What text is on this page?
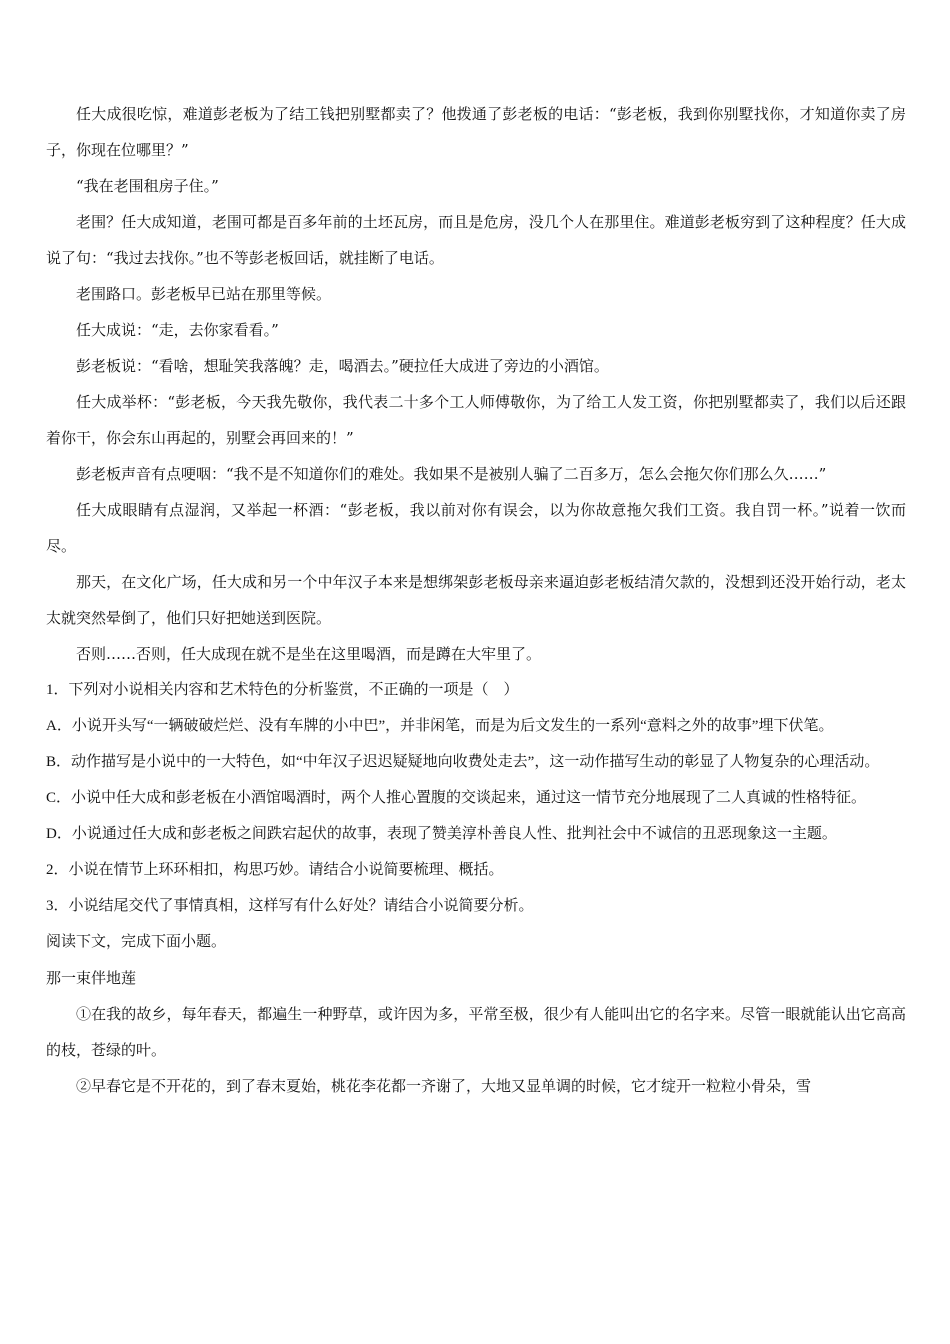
任大成很吃惊，难道彭老板为了结工钱把别墅都卖了？他拨通了彭老板的电话：“彭老板，我到你别墅找你，才知道你卖了房子，你现在位哪里？”

“我在老围租房子住。”

老围？任大成知道，老围可都是百多年前的土坯瓦房，而且是危房，没几个人在那里住。难道彭老板穷到了这种程度？任大成说了句：“我过去找你。”也不等彭老板回话，就挂断了电话。

老围路口。彭老板早已站在那里等候。

任大成说：“走，去你家看看。”

彭老板说：“看啥，想耻笑我落魄？走，喝酒去。”硬拉任大成进了旁边的小酒馆。

任大成举杯：“彭老板，今天我先敬你，我代表二十多个工人师傅敬你，为了给工人发工资，你把别墅都卖了，我们以后还跟着你干，你会东山再起的，别墅会再回来的！”

彭老板声音有点哽咽：“我不是不知道你们的难处。我如果不是被别人骗了二百多万，怎么会拖欠你们那么久……”

任大成眼睛有点湿润，又举起一杯酒：“彭老板，我以前对你有误会，以为你故意拖欠我们工资。我自罚一杯。”说着一饮而尽。

那天，在文化广场，任大成和另一个中年汉子本来是想绑架彭老板母亲来逼迫彭老板结清欠款的，没想到还没开始行动，老太太就突然晕倒了，他们只好把她送到医院。

否则……否则，任大成现在就不是坐在这里喝酒，而是蹲在大牢里了。

1．下列对小说相关内容和艺术特色的分析鉴赏，不正确的一项是（　）

A．小说开头写“一辆破破烂烂、没有车牌的小中巴”，并非闲笔，而是为后文发生的一系列“意料之外的故事”埋下伏笔。

B．动作描写是小说中的一大特色，如“中年汉子迟迟疑疑地向收费处走去”，这一动作描写生动的彰显了人物复杂的心理活动。

C．小说中任大成和彭老板在小酒馆喝酒时，两个人推心置腹的交谈起来，通过这一情节充分地展现了二人真诚的性格特征。

D．小说通过任大成和彭老板之间跌宕起伏的故事，表现了赞美淳朴善良人性、批判社会中不诚信的丑恶现象这一主题。

2．小说在情节上环环相扣，构思巧妙。请结合小说简要梳理、概括。

3．小说结尾交代了事情真相，这样写有什么好处？请结合小说简要分析。

阅读下文，完成下面小题。

那一束伴地莲

①在我的故乡，每年春天，都遍生一种野草，或许因为多，平常至极，很少有人能叫出它的名字来。尽管一眼就能认出它高高的枝，苍绿的叶。

②早春它是不开花的，到了春末夏始，桃花李花都一齐谢了，大地又显单调的时候，它才绽开一粒粒小骨朵，雪
